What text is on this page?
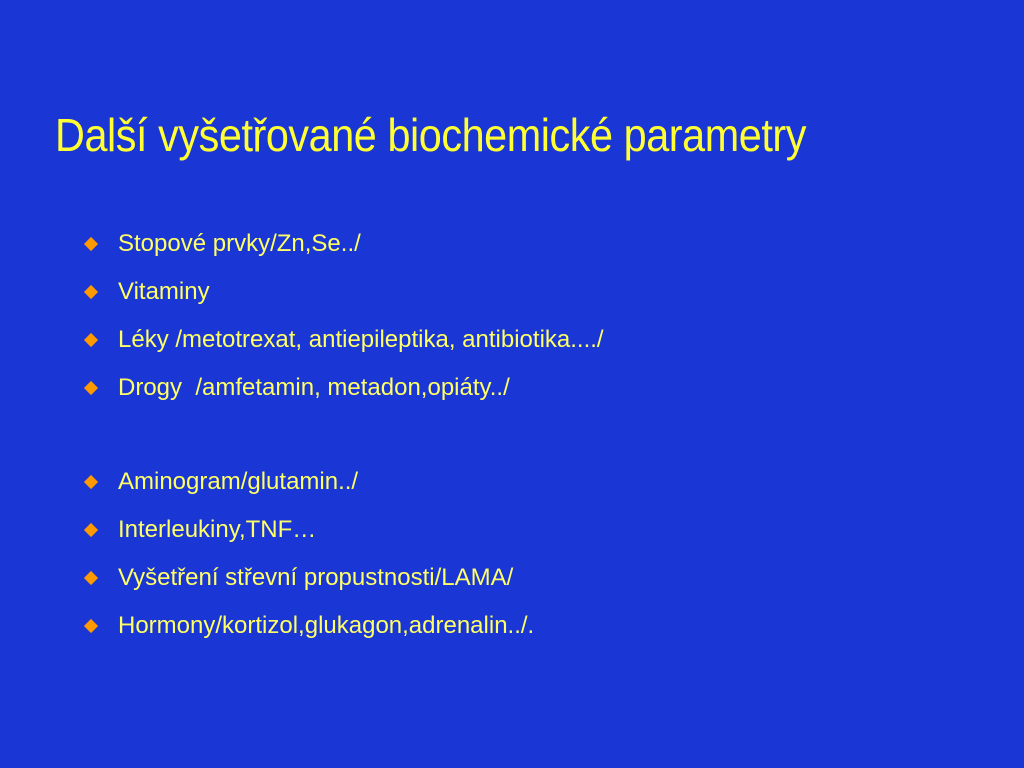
Další vyšetřované biochemické parametry
Stopové prvky/Zn,Se../
Vitaminy
Léky /metotrexat, antiepileptika, antibiotika..../
Drogy  /amfetamin, metadon,opiáty../
Aminogram/glutamin../
Interleukiny,TNF…
Vyšetření střevní propustnosti/LAMA/
Hormony/kortizol,glukagon,adrenalin../.
